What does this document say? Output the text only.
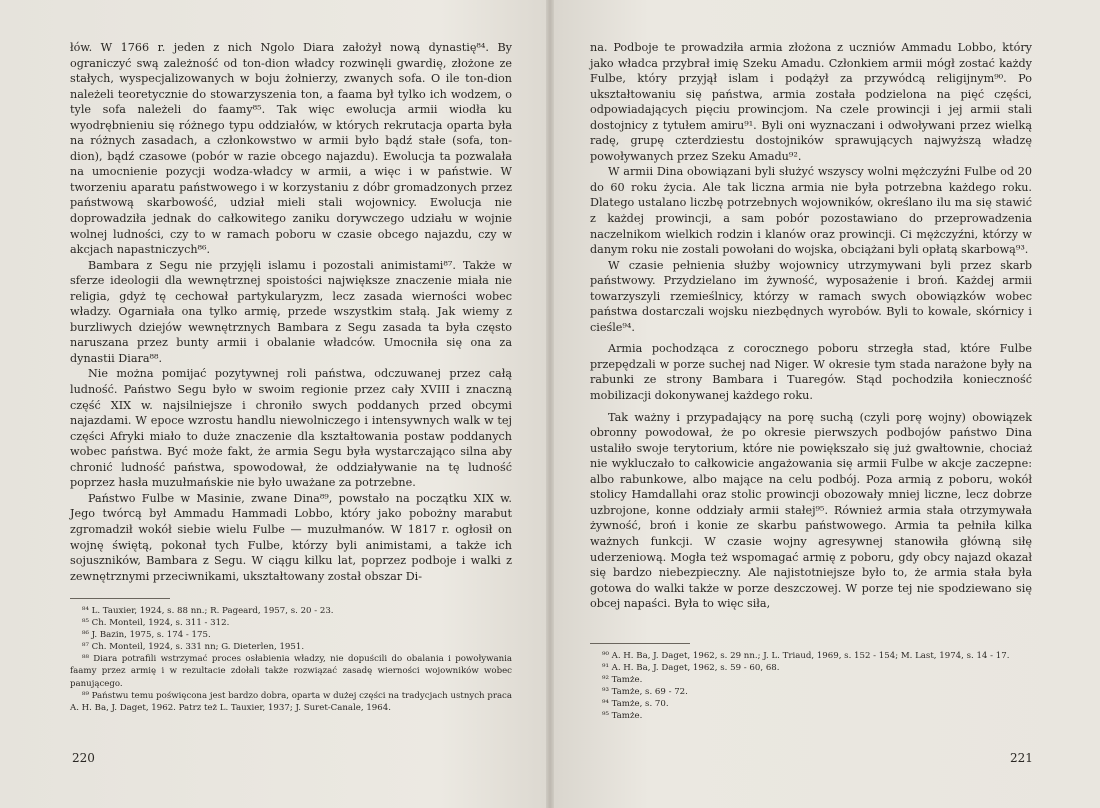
łów. W 1766 r. jeden z nich Ngolo Diara założył nową dynastię⁸⁴. By ograniczyć swą zależność od ton-dion władcy rozwinęli gwardię, złożone ze stałych, wyspecjalizowanych w boju żołnierzy, zwanych sofa. O ile ton-dion należeli teoretycznie do stowarzyszenia ton, a faama był tylko ich wodzem, o tyle sofa należeli do faamy⁸⁵. Tak więc ewolucja armii wiodła ku wyodrębnieniu się różnego typu oddziałów, w których rekrutacja oparta była na różnych zasadach, a członkowstwo w armii było bądź stałe (sofa, ton-dion), bądź czasowe (pobór w razie obcego najazdu). Ewolucja ta pozwalała na umocnienie pozycji wodza-władcy w armii, a więc i w państwie. W tworzeniu aparatu państwowego i w korzystaniu z dóbr gromadzonych przez państwową skarbowość, udział mieli stali wojownicy. Ewolucja nie doprowadziła jednak do całkowitego zaniku dorywczego udziału w wojnie wolnej ludności, czy to w ramach poboru w czasie obcego najazdu, czy w akcjach napastniczych⁸⁶.

Bambara z Segu nie przyjęli islamu i pozostali animistami⁸⁷. Także w sferze ideologii dla wewnętrznej spoistości największe znaczenie miała nie religia, gdyż tę cechował partykularyzm, lecz zasada wierności wobec władzy. Ogarniała ona tylko armię, przede wszystkim stałą. Jak wiemy z burzliwych dziejów wewnętrznych Bambara z Segu zasada ta była często naruszana przez bunty armii i obalanie władców. Umocniła się ona za dynastii Diara⁸⁸.

Nie można pomijać pozytywnej roli państwa, odczuwanej przez całą ludność. Państwo Segu było w swoim regionie przez cały XVIII i znaczną część XIX w. najsilniejsze i chroniło swych poddanych przed obcymi najazdami. W epoce wzrostu handlu niewolniczego i intensywnych walk w tej części Afryki miało to duże znaczenie dla kształtowania postaw poddanych wobec państwa. Być może fakt, że armia Segu była wystarczająco silna aby chronić ludność państwa, spowodował, że oddziaływanie na tę ludność poprzez hasła muzułmańskie nie było uważane za potrzebne.

Państwo Fulbe w Masinie, zwane Dina⁸⁹, powstało na początku XIX w. Jego twórcą był Ammadu Hammadi Lobbo, który jako pobożny marabut zgromadził wokół siebie wielu Fulbe — muzułmanów. W 1817 r. ogłosił on wojnę świętą, pokonał tych Fulbe, którzy byli animistami, a także ich sojuszników, Bambara z Segu. W ciągu kilku lat, poprzez podboje i walki z zewnętrznymi przeciwnikami, ukształtowany został obszar Di-

⁸⁴ L. Tauxier, 1924, s. 88 nn.; R. Pageard, 1957, s. 20 - 23.

⁸⁵ Ch. Monteil, 1924, s. 311 - 312.

⁸⁶ J. Bazin, 1975, s. 174 - 175.

⁸⁷ Ch. Monteil, 1924, s. 331 nn; G. Dieterlen, 1951.

⁸⁸ Diara potrafili wstrzymać proces osłabienia władzy, nie dopuścili do obalania i powoływania faamy przez armię i w rezultacie zdołali także rozwiązać zasadę wierności wojowników wobec panującego.

⁸⁹ Państwu temu poświęcona jest bardzo dobra, oparta w dużej części na tradycjach ustnych praca A. H. Ba, J. Daget, 1962. Patrz też L. Tauxier, 1937; J. Suret-Canale, 1964.

220

na. Podboje te prowadziła armia złożona z uczniów Ammadu Lobbo, który jako władca przybrał imię Szeku Amadu. Członkiem armii mógł zostać każdy Fulbe, który przyjął islam i podążył za przywódcą religijnym⁹⁰. Po ukształtowaniu się państwa, armia została podzielona na pięć części, odpowiadających pięciu prowincjom. Na czele prowincji i jej armii stali dostojnicy z tytułem amiru⁹¹. Byli oni wyznaczani i odwoływani przez wielką radę, grupę czterdziestu dostojników sprawujących najwyższą władzę powoływanych przez Szeku Amadu⁹².

W armii Dina obowiązani byli służyć wszyscy wolni mężczyźni Fulbe od 20 do 60 roku życia. Ale tak liczna armia nie była potrzebna każdego roku. Dlatego ustalano liczbę potrzebnych wojowników, określano ilu ma się stawić z każdej prowincji, a sam pobór pozostawiano do przeprowadzenia naczelnikom wielkich rodzin i klanów oraz prowincji. Ci mężczyźni, którzy w danym roku nie zostali powołani do wojska, obciążani byli opłatą skarbową⁹³.

W czasie pełnienia służby wojownicy utrzymywani byli przez skarb państwowy. Przydzielano im żywność, wyposażenie i broń. Każdej armii towarzyszyli rzemieślnicy, którzy w ramach swych obowiązków wobec państwa dostarczali wojsku niezbędnych wyrobów. Byli to kowale, skórnicy i cieśle⁹⁴.

Armia pochodząca z corocznego poboru strzegła stad, które Fulbe przepędzali w porze suchej nad Niger. W okresie tym stada narażone były na rabunki ze strony Bambara i Tuaregów. Stąd pochodziła konieczność mobilizacji dokonywanej każdego roku.

Tak ważny i przypadający na porę suchą (czyli porę wojny) obowiązek obronny powodował, że po okresie pierwszych podbojów państwo Dina ustaliło swoje terytorium, które nie powiększało się już gwałtownie, chociaż nie wykluczało to całkowicie angażowania się armii Fulbe w akcje zaczepne: albo rabunkowe, albo mające na celu podbój. Poza armią z poboru, wokół stolicy Hamdallahi oraz stolic prowincji obozowały mniej liczne, lecz dobrze uzbrojone, konne oddziały armii stałej⁹⁵. Również armia stała otrzymywała żywność, broń i konie ze skarbu państwowego. Armia ta pełniła kilka ważnych funkcji. W czasie wojny agresywnej stanowiła główną siłę uderzeniową. Mogła też wspomagać armię z poboru, gdy obcy najazd okazał się bardzo niebezpieczny. Ale najistotniejsze było to, że armia stała była gotowa do walki także w porze deszczowej. W porze tej nie spodziewano się obcej napaści. Była to więc siła,

⁹⁰ A. H. Ba, J. Daget, 1962, s. 29 nn.; J. L. Triaud, 1969, s. 152 - 154; M. Last, 1974, s. 14 - 17.

⁹¹ A. H. Ba, J. Daget, 1962, s. 59 - 60, 68.

⁹² Tamże.

⁹³ Tamże, s. 69 - 72.

⁹⁴ Tamże, s. 70.

⁹⁵ Tamże.

221
